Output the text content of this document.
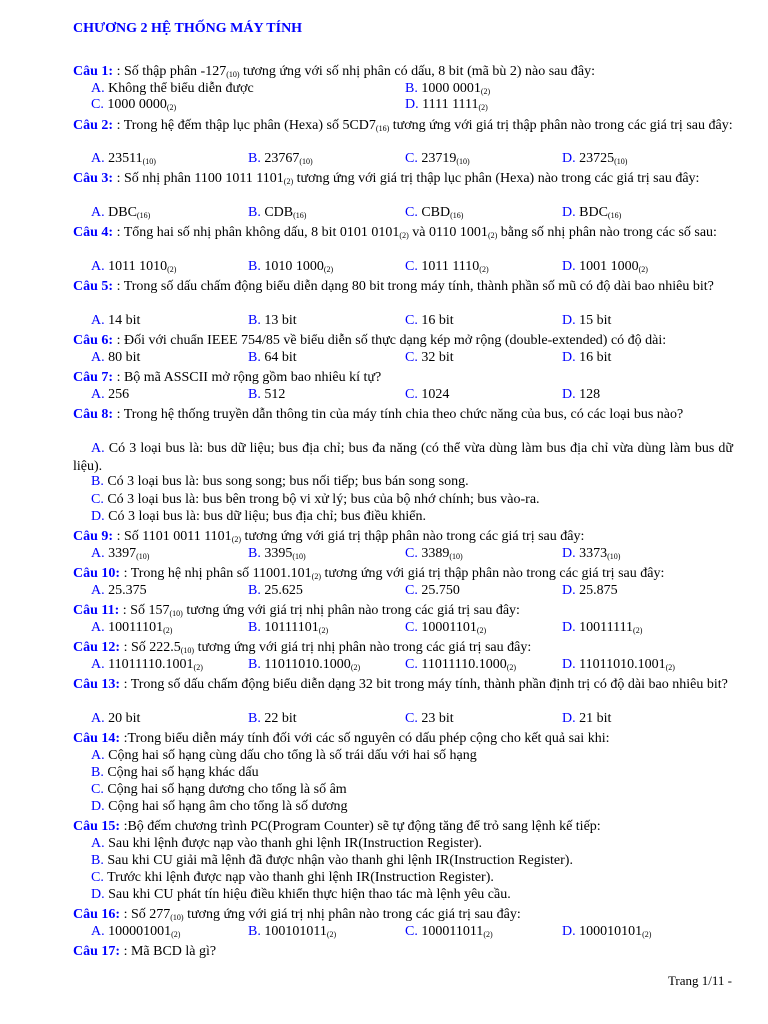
CHƯƠNG 2 HỆ THỐNG MÁY TÍNH
Câu 1: : Số thập phân $-127_{(10)}$ tương ứng với số nhị phân có dấu, 8 bit (mã bù 2) nào sau đây:
A. Không thể biểu diễn được	B. 1000 $0001_{(2)}$
C. 1000 $0000_{(2)}$	D. 1111 $1111_{(2)}$
Câu 2: : Trong hệ đếm thập lục phân (Hexa) số $5CD7_{(16)}$ tương ứng với giá trị thập phân nào trong các giá trị sau đây:
A. $23511_{(10)}$	B. $23767_{(10)}$	C. $23719_{(10)}$	D. $23725_{(10)}$
Câu 3: : Số nhị phân 1100 1011 $1101_{(2)}$ tương ứng với giá trị thập lục phân (Hexa) nào trong các giá trị sau đây:
A. $DBC_{(16)}$	B. $CDB_{(16)}$	C. $CBD_{(16)}$	D. $BDC_{(16)}$
Câu 4: : Tổng hai số nhị phân không dấu, 8 bit 0101 $0101_{(2)}$ và 0110 $1001_{(2)}$ bằng số nhị phân nào trong các số sau:
A. 1011 $1010_{(2)}$	B. 1010 $1000_{(2)}$	C. 1011 $1110_{(2)}$	D. 1001 $1000_{(2)}$
Câu 5: : Trong số dấu chấm động biểu diễn dạng 80 bit trong máy tính, thành phần số mũ có độ dài bao nhiêu bit?
A. 14 bit	B. 13 bit	C. 16 bit	D. 15 bit
Câu 6: : Đối với chuẩn IEEE 754/85 về biểu diễn số thực dạng kép mở rộng (double-extended) có độ dài:
A. 80 bit	B. 64 bit	C. 32 bit	D. 16 bit
Câu 7: : Bộ mã ASSCII mở rộng gồm bao nhiêu kí tự?
A. 256	B. 512	C. 1024	D. 128
Câu 8: : Trong hệ thống truyền dẫn thông tin của máy tính chia theo chức năng của bus, có các loại bus nào?
A. Có 3 loại bus là: bus dữ liệu; bus địa chỉ; bus đa năng (có thể vừa dùng làm bus địa chỉ vừa dùng làm bus dữ liệu).
B. Có 3 loại bus là: bus song song; bus nối tiếp; bus bán song song.
C. Có 3 loại bus là: bus bên trong bộ vi xử lý; bus của bộ nhớ chính; bus vào-ra.
D. Có 3 loại bus là: bus dữ liệu; bus địa chỉ; bus điều khiển.
Câu 9: : Số 1101 0011 $1101_{(2)}$ tương ứng với giá trị thập phân nào trong các giá trị sau đây:
A. $3397_{(10)}$	B. $3395_{(10)}$	C. $3389_{(10)}$	D. $3373_{(10)}$
Câu 10: : Trong hệ nhị phân số $11001.101_{(2)}$ tương ứng với giá trị thập phân nào trong các giá trị sau đây:
A. 25.375	B. 25.625	C. 25.750	D. 25.875
Câu 11: : Số $157_{(10)}$ tương ứng với giá trị nhị phân nào trong các giá trị sau đây:
A. $10011101_{(2)}$	B. $10111101_{(2)}$	C. $10001101_{(2)}$	D. $10011111_{(2)}$
Câu 12: : Số $222.5_{(10)}$ tương ứng với giá trị nhị phân nào trong các giá trị sau đây:
A. $11011110.1001_{(2)}$	B. $11011010.1000_{(2)}$	C. $11011110.1000_{(2)}$	D. $11011010.1001_{(2)}$
Câu 13: : Trong số dấu chấm động biểu diễn dạng 32 bit trong máy tính, thành phần định trị có độ dài bao nhiêu bit?
A. 20 bit	B. 22 bit	C. 23 bit	D. 21 bit
Câu 14: :Trong biểu diễn máy tính đối với các số nguyên có dấu phép cộng cho kết quả sai khi:
A. Cộng hai số hạng cùng dấu cho tổng là số trái dấu với hai số hạng
B. Cộng hai số hạng khác dấu
C. Cộng hai số hạng dương cho tổng là số âm
D. Cộng hai số hạng âm cho tổng là số dương
Câu 15: :Bộ đếm chương trình PC(Program Counter) sẽ tự động tăng để trỏ sang lệnh kế tiếp:
A. Sau khi lệnh được nạp vào thanh ghi lệnh IR(Instruction Register).
B. Sau khi CU giải mã lệnh đã được nhận vào thanh ghi lệnh IR(Instruction Register).
C. Trước khi lệnh được nạp vào thanh ghi lệnh IR(Instruction Register).
D. Sau khi CU phát tín hiệu điều khiển thực hiện thao tác mà lệnh yêu cầu.
Câu 16: : Số $277_{(10)}$ tương ứng với giá trị nhị phân nào trong các giá trị sau đây:
A. $100001001_{(2)}$	B. $100101011_{(2)}$	C. $100011011_{(2)}$	D. $100010101_{(2)}$
Câu 17: : Mã BCD là gì?
Trang 1/11 -
